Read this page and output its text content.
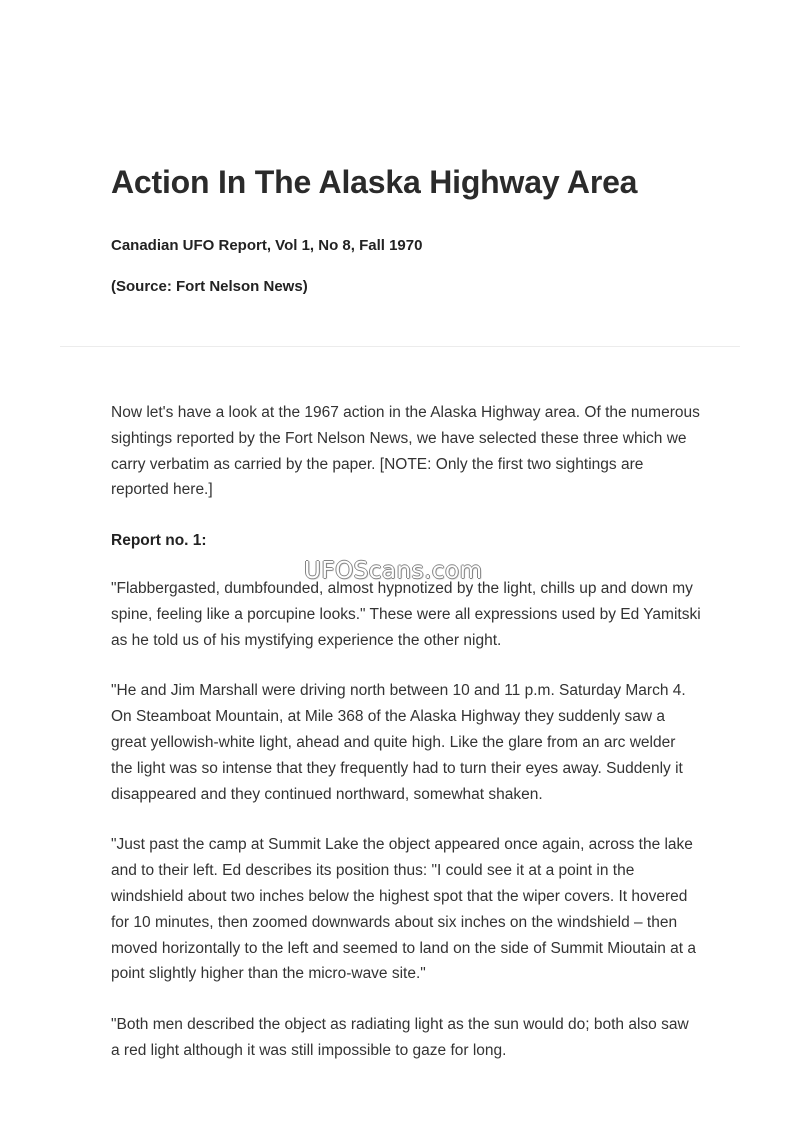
Action In The Alaska Highway Area

Canadian UFO Report, Vol 1, No 8, Fall 1970

(Source: Fort Nelson News)

Now let's have a look at the 1967 action in the Alaska Highway area. Of the numerous sightings reported by the Fort Nelson News, we have selected these three which we carry verbatim as carried by the paper. [NOTE: Only the first two sightings are reported here.]

Report no. 1:

"Flabbergasted, dumbfounded, almost hypnotized by the light, chills up and down my spine, feeling like a porcupine looks." These were all expressions used by Ed Yamitski as he told us of his mystifying experience the other night.

"He and Jim Marshall were driving north between 10 and 11 p.m. Saturday March 4. On Steamboat Mountain, at Mile 368 of the Alaska Highway they suddenly saw a great yellowish-white light, ahead and quite high. Like the glare from an arc welder the light was so intense that they frequently had to turn their eyes away. Suddenly it disappeared and they continued northward, somewhat shaken.

"Just past the camp at Summit Lake the object appeared once again, across the lake and to their left. Ed describes its position thus: "I could see it at a point in the windshield about two inches below the highest spot that the wiper covers. It hovered for 10 minutes, then zoomed downwards about six inches on the windshield – then moved horizontally to the left and seemed to land on the side of Summit Mioutain at a point slightly higher than the micro-wave site."

"Both men described the object as radiating light as the sun would do; both also saw a red light although it was still impossible to gaze for long.

UFOScans.com
